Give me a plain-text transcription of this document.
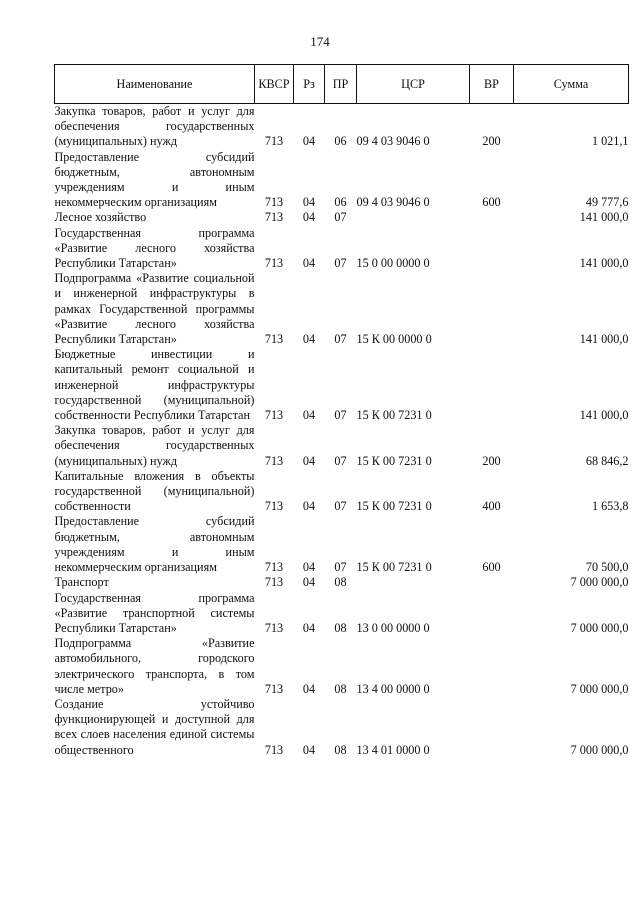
174
Наименование	КВСР	Рз	ПР	ЦСР	ВР	Сумма
Закупка товаров, работ и услуг для обеспечения государственных (муниципальных) нужд	713	04	06	09 4 03 9046 0	200	1 021,1
Предоставление субсидий бюджетным, автономным учреждениям и иным некоммерческим организациям	713	04	06	09 4 03 9046 0	600	49 777,6
Лесное хозяйство	713	04	07			141 000,0
Государственная программа «Развитие лесного хозяйства Республики Татарстан»	713	04	07	15 0 00 0000 0		141 000,0
Подпрограмма «Развитие социальной и инженерной инфраструктуры в рамках Государственной программы «Развитие лесного хозяйства Республики Татарстан»	713	04	07	15 К 00 0000 0		141 000,0
Бюджетные инвестиции и капитальный ремонт социальной и инженерной инфраструктуры государственной (муниципальной) собственности Республики Татарстан	713	04	07	15 К 00 7231 0		141 000,0
Закупка товаров, работ и услуг для обеспечения государственных (муниципальных) нужд	713	04	07	15 К 00 7231 0	200	68 846,2
Капитальные вложения в объекты государственной (муниципальной) собственности	713	04	07	15 К 00 7231 0	400	1 653,8
Предоставление субсидий бюджетным, автономным учреждениям и иным некоммерческим организациям	713	04	07	15 К 00 7231 0	600	70 500,0
Транспорт	713	04	08			7 000 000,0
Государственная программа «Развитие транспортной системы Республики Татарстан»	713	04	08	13 0 00 0000 0		7 000 000,0
Подпрограмма «Развитие автомобильного, городского электрического транспорта, в том числе метро»	713	04	08	13 4 00 0000 0		7 000 000,0
Создание устойчиво функционирующей и доступной для всех слоев населения единой системы общественного	713	04	08	13 4 01 0000 0		7 000 000,0
